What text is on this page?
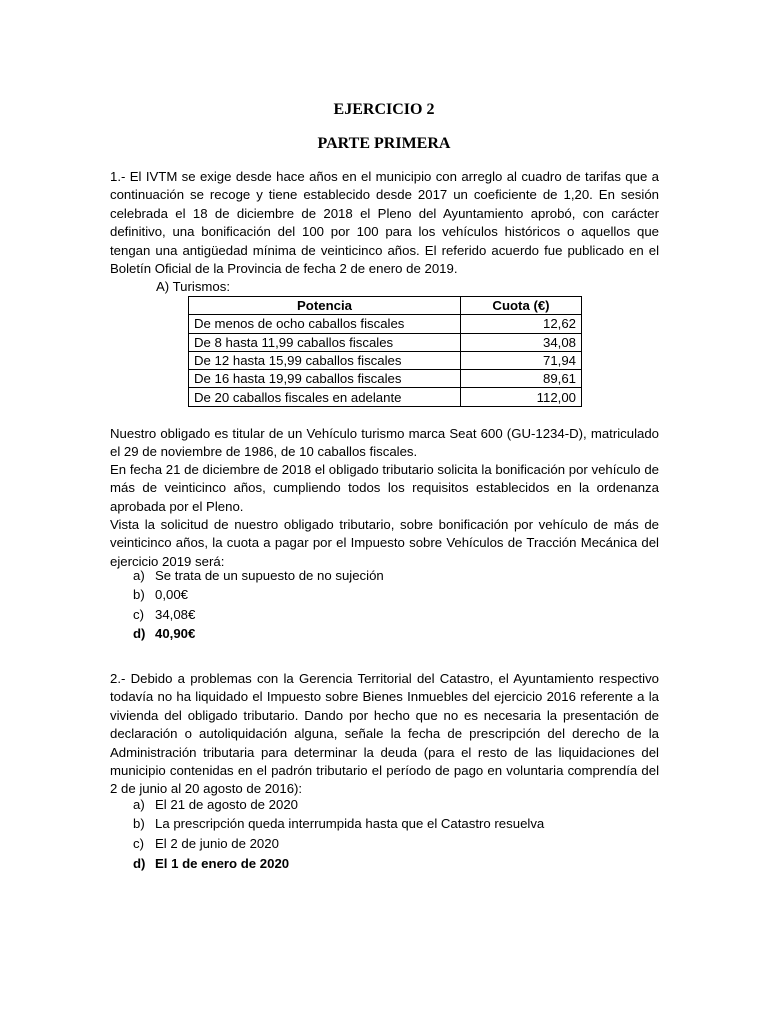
EJERCICIO 2
PARTE PRIMERA

1.- El IVTM se exige desde hace años en el municipio con arreglo al cuadro de tarifas que a continuación se recoge y tiene establecido desde 2017 un coeficiente de 1,20. En sesión celebrada el 18 de diciembre de 2018 el Pleno del Ayuntamiento aprobó, con carácter definitivo, una bonificación del 100 por 100 para los vehículos históricos o aquellos que tengan una antigüedad mínima de veinticinco años. El referido acuerdo fue publicado en el Boletín Oficial de la Provincia de fecha 2 de enero de 2019.

A) Turismos:
Potencia	Cuota (€)
De menos de ocho caballos fiscales	12,62
De 8 hasta 11,99 caballos fiscales	34,08
De 12 hasta 15,99 caballos fiscales	71,94
De 16 hasta 19,99 caballos fiscales	89,61
De 20 caballos fiscales en adelante	112,00

Nuestro obligado es titular de un Vehículo turismo marca Seat 600 (GU-1234-D), matriculado el 29 de noviembre de 1986, de 10 caballos fiscales.

En fecha 21 de diciembre de 2018 el obligado tributario solicita la bonificación por vehículo de más de veinticinco años, cumpliendo todos los requisitos establecidos en la ordenanza aprobada por el Pleno.

Vista la solicitud de nuestro obligado tributario, sobre bonificación por vehículo de más de veinticinco años, la cuota a pagar por el Impuesto sobre Vehículos de Tracción Mecánica del ejercicio 2019 será:

a) Se trata de un supuesto de no sujeción
b) 0,00€
c) 34,08€
d) 40,90€

2.- Debido a problemas con la Gerencia Territorial del Catastro, el Ayuntamiento respectivo todavía no ha liquidado el Impuesto sobre Bienes Inmuebles del ejercicio 2016 referente a la vivienda del obligado tributario. Dando por hecho que no es necesaria la presentación de declaración o autoliquidación alguna, señale la fecha de prescripción del derecho de la Administración tributaria para determinar la deuda (para el resto de las liquidaciones del municipio contenidas en el padrón tributario el período de pago en voluntaria comprendía del 2 de junio al 20 agosto de 2016):

a) El 21 de agosto de 2020
b) La prescripción queda interrumpida hasta que el Catastro resuelva
c) El 2 de junio de 2020
d) El 1 de enero de 2020
